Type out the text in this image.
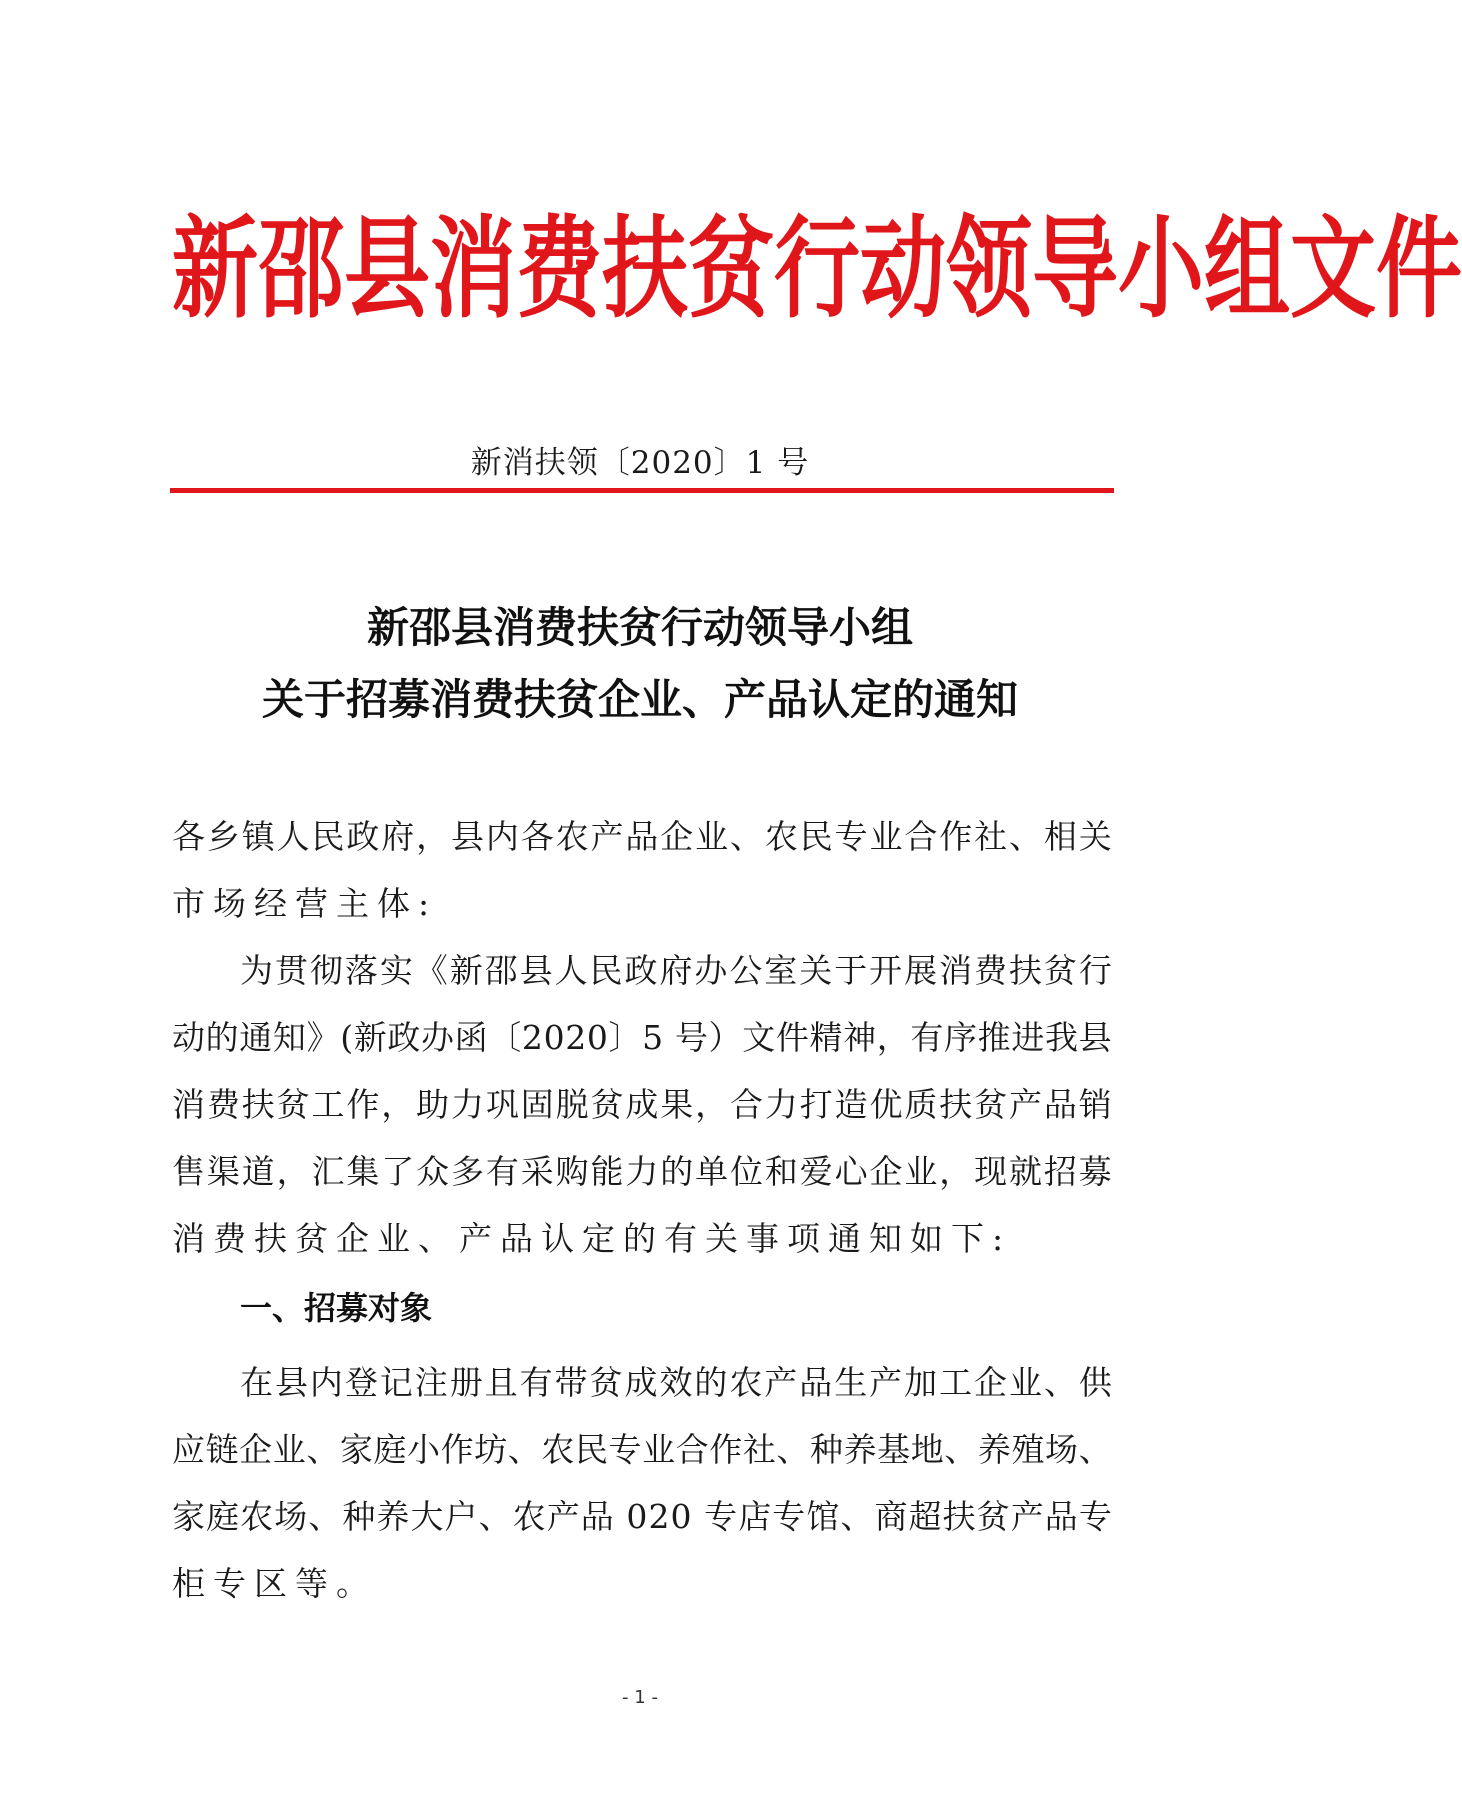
新 邵 县 消 费 扶 贫 行 动 领 导 小 组 文 件
新消扶领〔2020〕1 号
新邵县消费扶贫行动领导小组
关于招募消费扶贫企业、产品认定的通知
各 乡 镇 人 民 政 府 ， 县 内 各 农 产 品 企 业 、 农 民 专 业 合 作 社 、 相 关
市场经营主体:
为 贯 彻 落 实 《 新 邵 县 人 民 政 府 办 公 室 关 于 开 展 消 费 扶 贫 行
动 的 通 知 》 ( 新 政 办 函 〔 2 0 2 0 〕 5
号 ） 文 件 精 神 ， 有 序 推 进 我 县
消 费 扶 贫 工 作 ， 助 力 巩 固 脱 贫 成 果 ， 合 力 打 造 优 质 扶 贫 产 品 销
售 渠 道 ， 汇 集 了 众 多 有 采 购 能 力 的 单 位 和 爱 心 企 业 ， 现 就 招 募
消费扶贫企业、产品认定的有关事项通知如下:
一、招募对象
在 县 内 登 记 注 册 且 有 带 贫 成 效 的 农 产 品 生 产 加 工 企 业 、 供
应 链 企 业 、 家 庭 小 作 坊 、 农 民 专 业 合 作 社 、 种 养 基 地 、 养 殖 场 、
家 庭 农 场 、 种 养 大 户 、 农 产 品
0 2 0
专 店 专 馆 、 商 超 扶 贫 产 品 专
柜专区等。
- 1 -
